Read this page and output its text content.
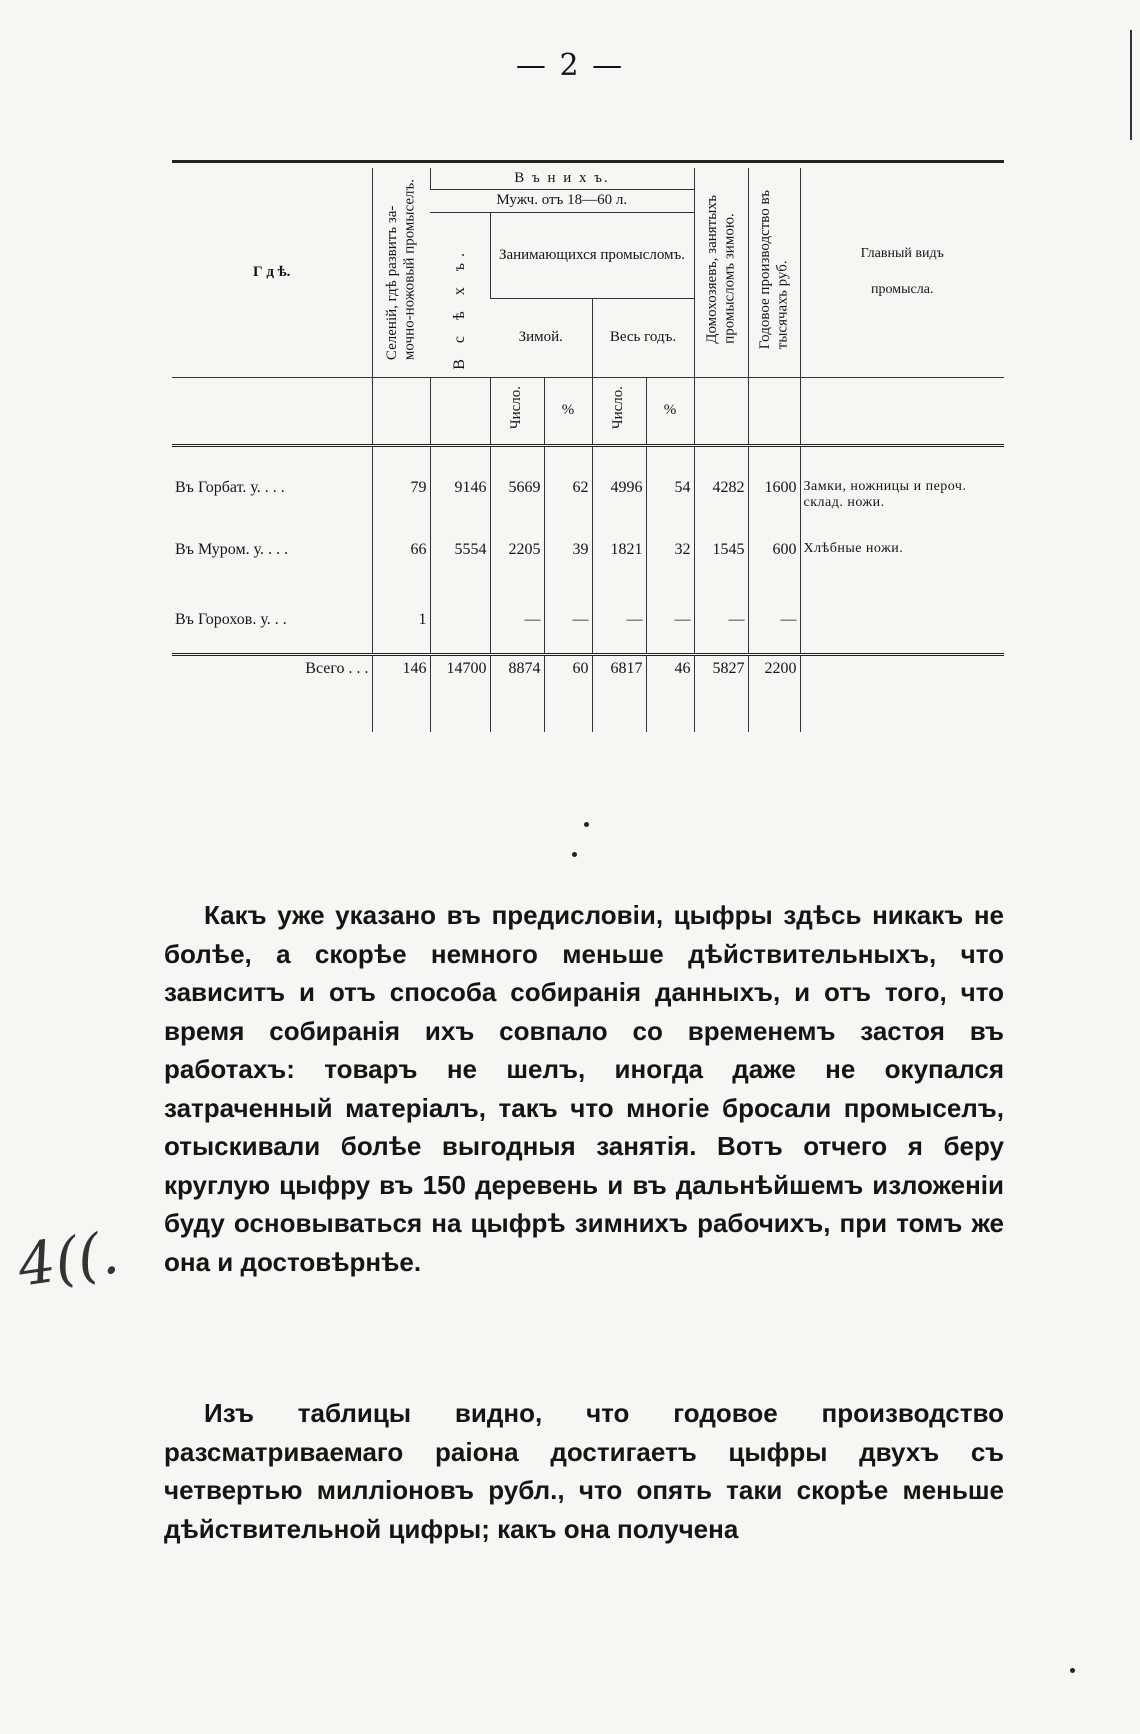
— 2 —
Г д ѣ.	Селеній, гдѣ развитъ за-
мочно-ножовый промыселъ.	В ъ н и х ъ.					Домохозяевъ, занятыхъ
промысломъ зимою.	Годовое производство въ
тысячахъ руб.	Главный видъ
промысла.
		Мужч. отъ 18—60 л.							
		В с ѣ х ъ.	Занимающихся промысломъ.						
			Зимой.		Весь годъ.				
			Число.	%	Число.	%			

Въ Горбат. у. . . .	79	9146	5669	62	4996	54	4282	1600	Замки, ножницы и пероч. склад. ножи.
Въ Муром. у. . . .	66	5554	2205	39	1821	32	1545	600	Хлѣбные ножи.
Въ Горохов. у. . .	1		—	—	—	—	—	—	
Всего . . .	146	14700	8874	60	6817	46	5827	2200	

Какъ уже указано въ предисловіи, цыфры здѣсь никакъ не болѣе, а скорѣе немного меньше дѣйствительныхъ, что зависитъ и отъ способа собиранія данныхъ, и отъ того, что время собиранія ихъ совпало со временемъ застоя въ работахъ: товаръ не шелъ, иногда даже не окупался затраченный матеріалъ, такъ что многіе бросали промыселъ, отыскивали болѣе выгодныя занятія. Вотъ отчего я беру круглую цыфру въ 150 деревень и въ дальнѣйшемъ изложеніи буду основываться на цыфрѣ зимнихъ рабочихъ, при томъ же она и достовѣрнѣе.

Изъ таблицы видно, что годовое производство разсматриваемаго раіона достигаетъ цыфры двухъ съ четвертью милліоновъ рубл., что опять таки скорѣе меньше дѣйствительной цифры; какъ она получена

4((.
